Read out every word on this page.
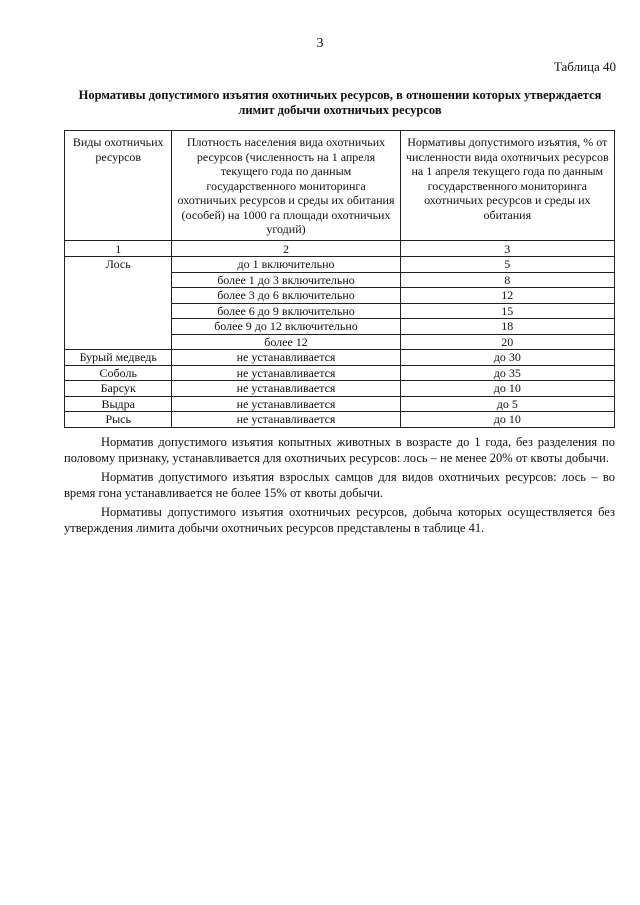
3
Таблица 40
Нормативы допустимого изъятия охотничьих ресурсов, в отношении которых утверждается лимит добычи охотничьих ресурсов
Виды охотничьих ресурсов	Плотность населения вида охотничьих ресурсов (численность на 1 апреля текущего года по данным государственного мониторинга охотничьих ресурсов и среды их обитания (особей) на 1000 га площади охотничьих угодий)	Нормативы допустимого изъятия, % от численности вида охотничьих ресурсов на 1 апреля текущего года по данным государственного мониторинга охотничьих ресурсов и среды их обитания
1	2	3
Лось	до 1 включительно	5
	более 1 до 3 включительно	8
	более 3 до 6 включительно	12
	более 6 до 9 включительно	15
	более 9 до 12 включительно	18
	более 12	20
Бурый медведь	не устанавливается	до 30
Соболь	не устанавливается	до 35
Барсук	не устанавливается	до 10
Выдра	не устанавливается	до 5
Рысь	не устанавливается	до 10

Норматив допустимого изъятия копытных животных в возрасте до 1 года, без разделения по половому признаку, устанавливается для охотничьих ресурсов: лось – не менее 20% от квоты добычи.

Норматив допустимого изъятия взрослых самцов для видов охотничьих ресурсов: лось – во время гона устанавливается не более 15% от квоты добычи.

Нормативы допустимого изъятия охотничьих ресурсов, добыча которых осуществляется без утверждения лимита добычи охотничьих ресурсов представлены в таблице 41.
